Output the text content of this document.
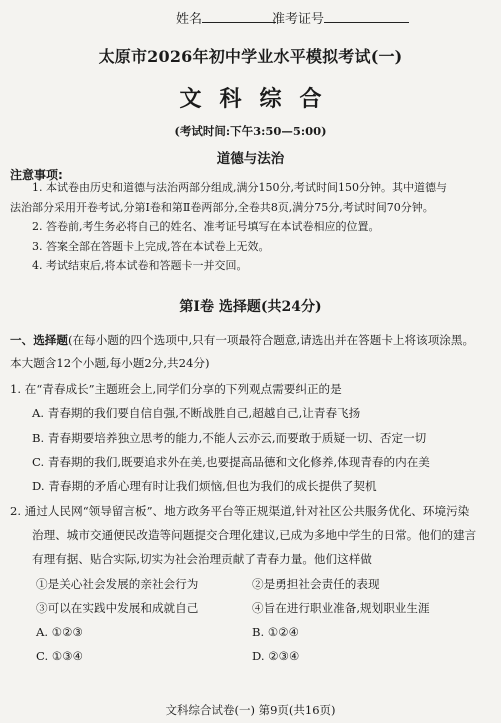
姓名	准考证号
太原市2026年初中学业水平模拟考试(一)
文科综合
(考试时间:下午3:50—5:00)
道德与法治
注意事项:
1. 本试卷由历史和道德与法治两部分组成,满分150分,考试时间150分钟。其中道德与
法治部分采用开卷考试,分第Ⅰ卷和第Ⅱ卷两部分,全卷共8页,满分75分,考试时间70分钟。
2. 答卷前,考生务必将自己的姓名、准考证号填写在本试卷相应的位置。
3. 答案全部在答题卡上完成,答在本试卷上无效。
4. 考试结束后,将本试卷和答题卡一并交回。
第Ⅰ卷 选择题(共24分)
一、选择题(在每小题的四个选项中,只有一项最符合题意,请选出并在答题卡上将该项涂黑。
本大题含12个小题,每小题2分,共24分)
1. 在“青春成长”主题班会上,同学们分享的下列观点需要纠正的是
A. 青春期的我们要自信自强,不断战胜自己,超越自己,让青春飞扬
B. 青春期要培养独立思考的能力,不能人云亦云,而要敢于质疑一切、否定一切
C. 青春期的我们,既要追求外在美,也要提高品德和文化修养,体现青春的内在美
D. 青春期的矛盾心理有时让我们烦恼,但也为我们的成长提供了契机
2. 通过人民网“领导留言板”、地方政务平台等正规渠道,针对社区公共服务优化、环境污染
治理、城市交通便民改造等问题提交合理化建议,已成为多地中学生的日常。他们的建言
有理有据、贴合实际,切实为社会治理贡献了青春力量。他们这样做
①是关心社会发展的亲社会行为	②是勇担社会责任的表现
③可以在实践中发展和成就自己	④旨在进行职业准备,规划职业生涯
A. ①②③	B. ①②④
C. ①③④	D. ②③④
文科综合试卷(一) 第9页(共16页)
